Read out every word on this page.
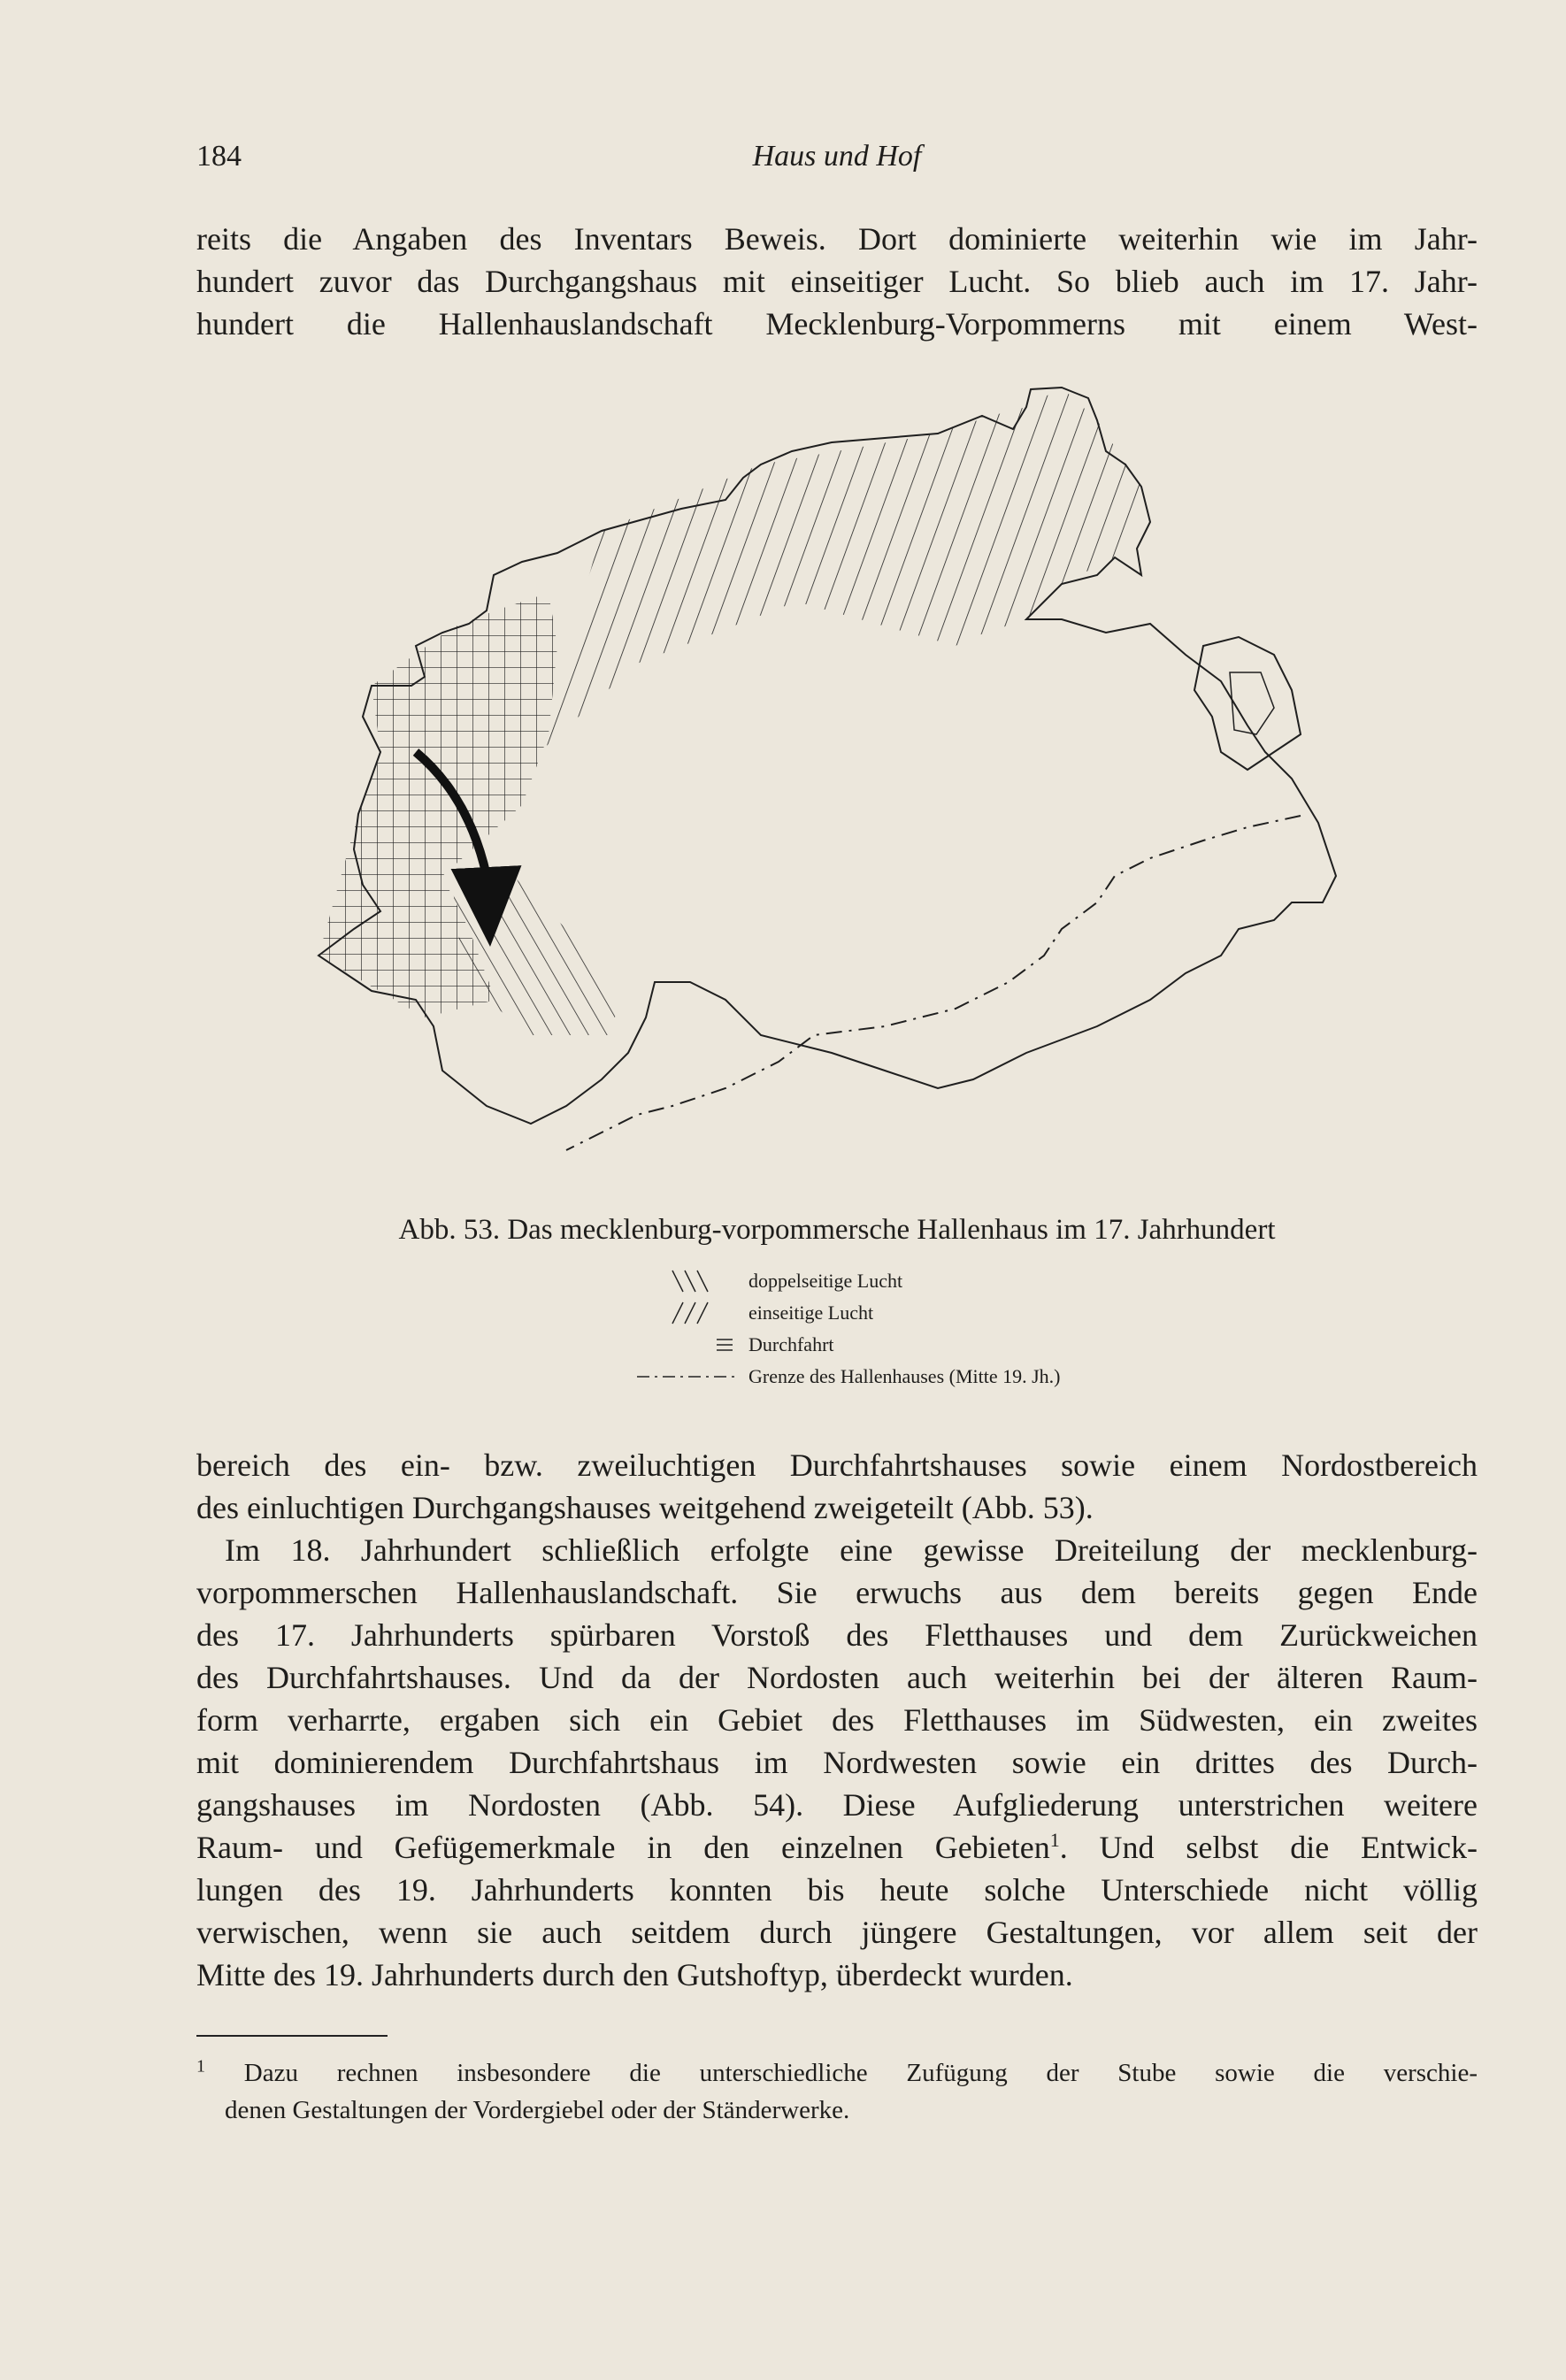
184	Haus und Hof
reits die Angaben des Inventars Beweis. Dort dominierte weiterhin wie im Jahr-
hundert zuvor das Durchgangshaus mit einseitiger Lucht. So blieb auch im 17. Jahr-
hundert die Hallenhauslandschaft Mecklenburg-Vorpommerns mit einem West-
Abb. 53. Das mecklenburg-vorpommersche Hallenhaus im 17. Jahrhundert
doppelseitige Lucht
einseitige Lucht
Durchfahrt
Grenze des Hallenhauses (Mitte 19. Jh.)
bereich des ein- bzw. zweiluchtigen Durchfahrtshauses sowie einem Nordostbereich
des einluchtigen Durchgangshauses weitgehend zweigeteilt (Abb. 53).
Im 18. Jahrhundert schließlich erfolgte eine gewisse Dreiteilung der mecklenburg-
vorpommerschen Hallenhauslandschaft. Sie erwuchs aus dem bereits gegen Ende
des 17. Jahrhunderts spürbaren Vorstoß des Fletthauses und dem Zurückweichen
des Durchfahrtshauses. Und da der Nordosten auch weiterhin bei der älteren Raum-
form verharrte, ergaben sich ein Gebiet des Fletthauses im Südwesten, ein zweites
mit dominierendem Durchfahrtshaus im Nordwesten sowie ein drittes des Durch-
gangshauses im Nordosten (Abb. 54). Diese Aufgliederung unterstrichen weitere
Raum- und Gefügemerkmale in den einzelnen Gebieten$^1$. Und selbst die Entwick-
lungen des 19. Jahrhunderts konnten bis heute solche Unterschiede nicht völlig
verwischen, wenn sie auch seitdem durch jüngere Gestaltungen, vor allem seit der
Mitte des 19. Jahrhunderts durch den Gutshoftyp, überdeckt wurden.
$^1$ Dazu rechnen insbesondere die unterschiedliche Zufügung der Stube sowie die verschie-
denen Gestaltungen der Vordergiebel oder der Ständerwerke.
